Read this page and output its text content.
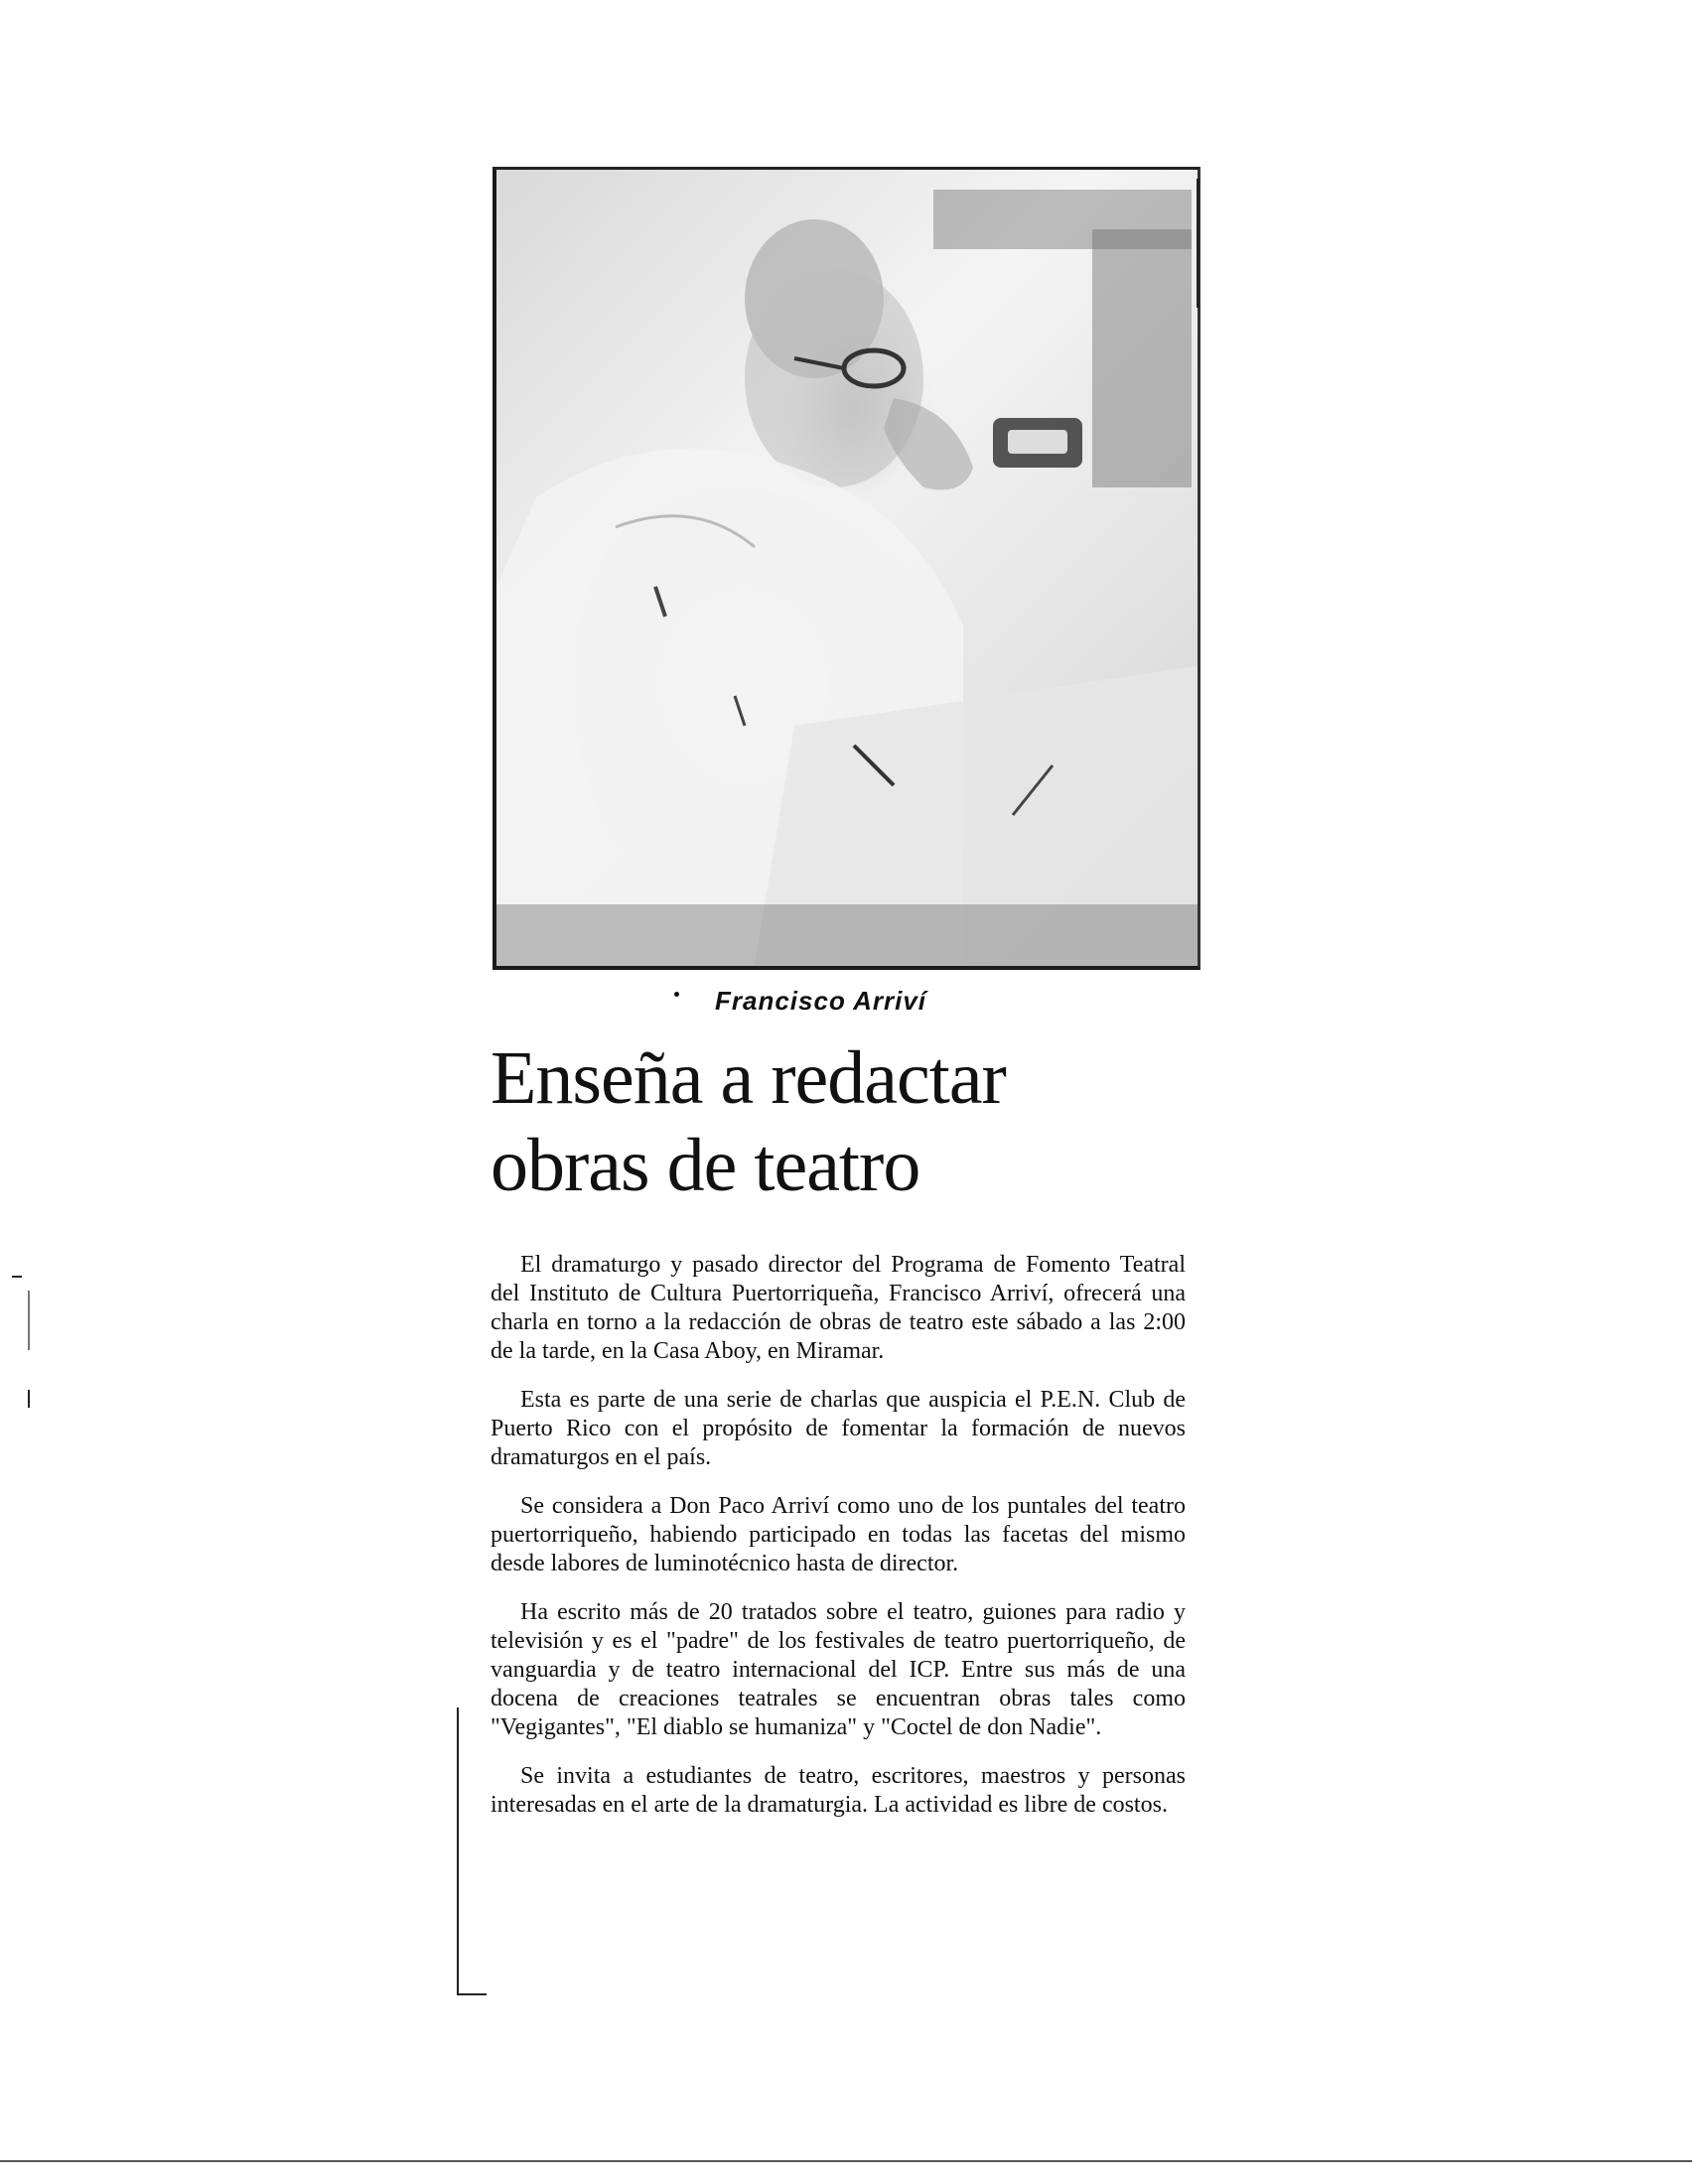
Francisco Arriví
Enseña a redactar
obras de teatro

El dramaturgo y pasado director del Programa de Fomento Teatral del Instituto de Cultura Puertorriqueña, Francisco Arriví, ofrecerá una charla en torno a la redacción de obras de teatro este sábado a las 2:00 de la tarde, en la Casa Aboy, en Miramar.

Esta es parte de una serie de charlas que auspicia el P.E.N. Club de Puerto Rico con el propósito de fomentar la formación de nuevos dramaturgos en el país.

Se considera a Don Paco Arriví como uno de los puntales del teatro puertorriqueño, habiendo participado en todas las facetas del mismo desde labores de luminotécnico hasta de director.

Ha escrito más de 20 tratados sobre el teatro, guiones para radio y televisión y es el "padre" de los festivales de teatro puertorriqueño, de vanguardia y de teatro internacional del ICP. Entre sus más de una docena de creaciones teatrales se encuentran obras tales como "Vegigantes", "El diablo se humaniza" y "Coctel de don Nadie".

Se invita a estudiantes de teatro, escritores, maestros y personas interesadas en el arte de la dramaturgia. La actividad es libre de costos.
